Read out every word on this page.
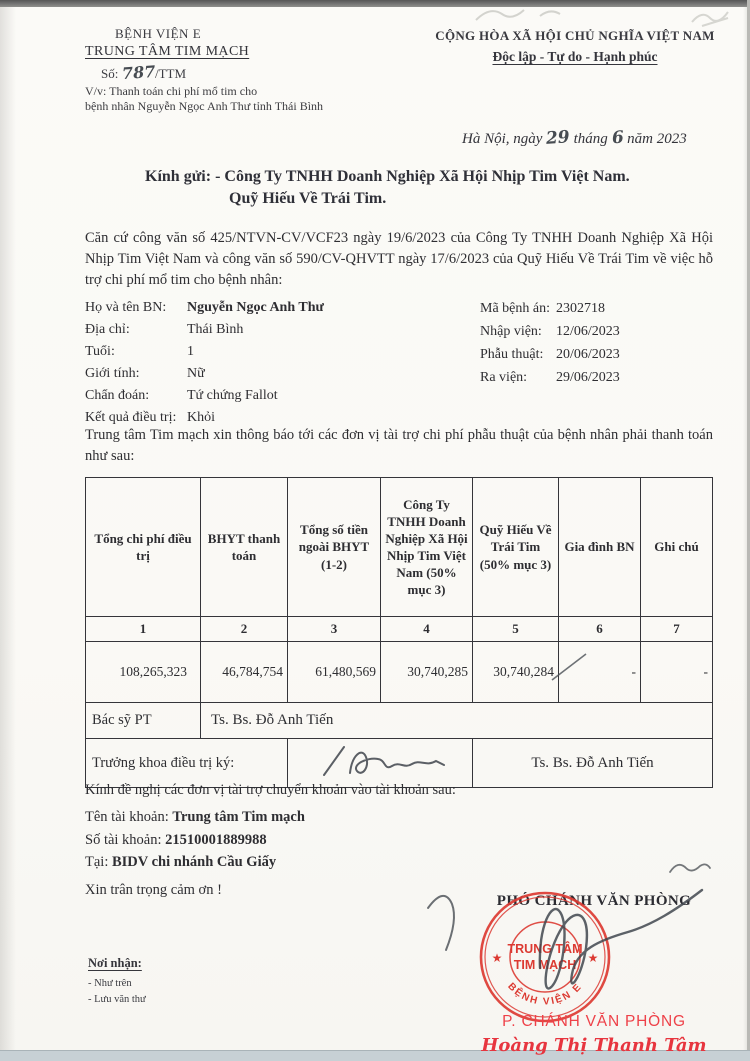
BỆNH VIỆN E
TRUNG TÂM TIM MẠCH
Số: 787/TTM
V/v: Thanh toán chi phí mổ tim cho
bệnh nhân Nguyễn Ngọc Anh Thư tỉnh Thái Bình
CỘNG HÒA XÃ HỘI CHỦ NGHĨA VIỆT NAM
Độc lập - Tự do - Hạnh phúc
Hà Nội, ngày 29 tháng 6 năm 2023
Kính gửi: - Công Ty TNHH Doanh Nghiệp Xã Hội Nhịp Tim Việt Nam.
Quỹ Hiếu Về Trái Tim.
Căn cứ công văn số 425/NTVN-CV/VCF23 ngày 19/6/2023 của Công Ty TNHH Doanh Nghiệp Xã Hội Nhịp Tim Việt Nam và công văn số 590/CV-QHVTT ngày 17/6/2023 của Quỹ Hiếu Về Trái Tim về việc hỗ trợ chi phí mổ tim cho bệnh nhân:
Họ và tên BN:	Nguyễn Ngọc Anh Thư
Địa chỉ:	Thái Bình
Tuổi:	1
Giới tính:	Nữ
Chẩn đoán:	Tứ chứng Fallot
Kết quả điều trị: Khỏi
Mã bệnh án: 2302718
Nhập viện:	12/06/2023
Phẫu thuật: 20/06/2023
Ra viện:	29/06/2023
Trung tâm Tim mạch xin thông báo tới các đơn vị tài trợ chi phí phẫu thuật của bệnh nhân phải thanh toán như sau:
Tổng chi phí điều trị	BHYT thanh toán	Tổng số tiền ngoài BHYT (1-2)	Công Ty TNHH Doanh Nghiệp Xã Hội Nhịp Tim Việt Nam (50% mục 3)	Quỹ Hiếu Về Trái Tim (50% mục 3)	Gia đình BN	Ghi chú
1	2	3	4	5	6	7
108,265,323	46,784,754	61,480,569	30,740,285	30,740,284	-	-
Bác sỹ PT	Ts. Bs. Đỗ Anh Tiến					
Trưởng khoa điều trị ký:				Ts. Bs. Đỗ Anh Tiến		
Kính đề nghị các đơn vị tài trợ chuyển khoản vào tài khoản sau:
Tên tài khoản: Trung tâm Tim mạch
Số tài khoản: 21510001889988
Tại: BIDV chi nhánh Cầu Giấy
Xin trân trọng cảm ơn !
PHÓ CHÁNH VĂN PHÒNG
TRUNG TÂM
TIM MẠCH
★	★
BỆNH VIỆN E
P. CHÁNH VĂN PHÒNG
Hoàng Thị Thanh Tâm
Nơi nhận:
- Như trên
- Lưu văn thư
